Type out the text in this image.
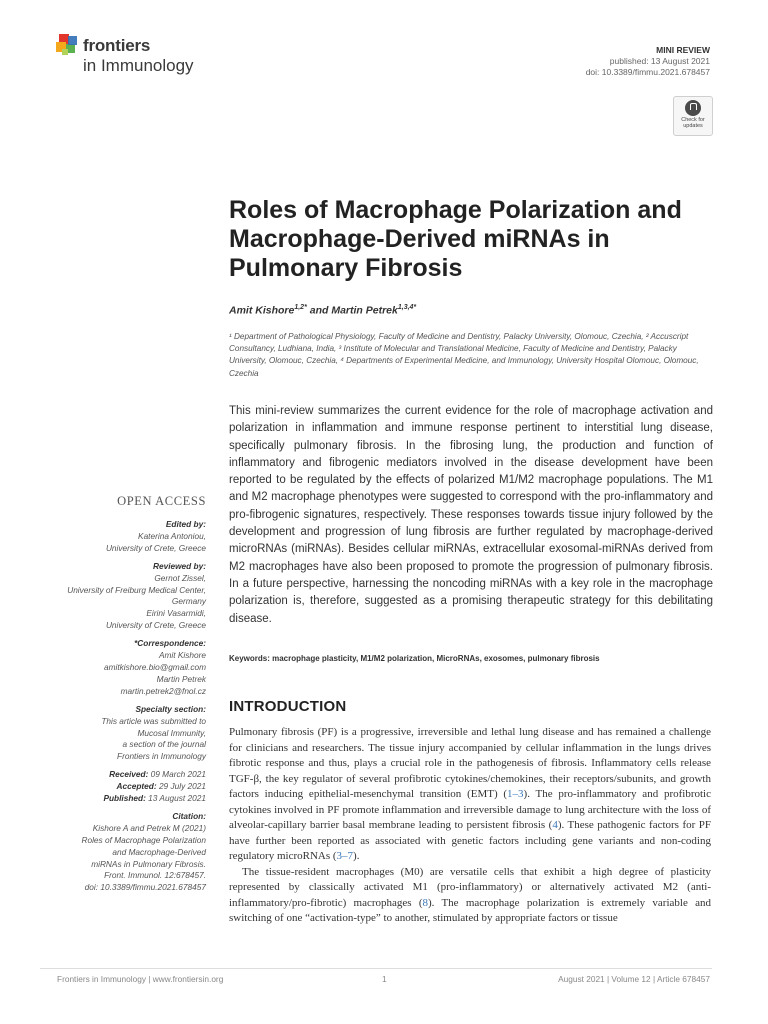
frontiers
in Immunology
MINI REVIEW
published: 13 August 2021
doi: 10.3389/fimmu.2021.678457
Check for
updates
Roles of Macrophage Polarization and Macrophage-Derived miRNAs in Pulmonary Fibrosis
Amit Kishore$^{1,2*}$ and Martin Petrek$^{1,3,4*}$
¹ Department of Pathological Physiology, Faculty of Medicine and Dentistry, Palacky University, Olomouc, Czechia, ² Accuscript Consultancy, Ludhiana, India, ³ Institute of Molecular and Translational Medicine, Faculty of Medicine and Dentistry, Palacky University, Olomouc, Czechia, ⁴ Departments of Experimental Medicine, and Immunology, University Hospital Olomouc, Olomouc, Czechia
This mini-review summarizes the current evidence for the role of macrophage activation and polarization in inflammation and immune response pertinent to interstitial lung disease, specifically pulmonary fibrosis. In the fibrosing lung, the production and function of inflammatory and fibrogenic mediators involved in the disease development have been reported to be regulated by the effects of polarized M1/M2 macrophage populations. The M1 and M2 macrophage phenotypes were suggested to correspond with the pro-inflammatory and pro-fibrogenic signatures, respectively. These responses towards tissue injury followed by the development and progression of lung fibrosis are further regulated by macrophage-derived microRNAs (miRNAs). Besides cellular miRNAs, extracellular exosomal-miRNAs derived from M2 macrophages have also been proposed to promote the progression of pulmonary fibrosis. In a future perspective, harnessing the noncoding miRNAs with a key role in the macrophage polarization is, therefore, suggested as a promising therapeutic strategy for this debilitating disease.
Keywords: macrophage plasticity, M1/M2 polarization, MicroRNAs, exosomes, pulmonary fibrosis
OPEN ACCESS
Edited by:
Katerina Antoniou,
University of Crete, Greece
Reviewed by:
Gernot Zissel,
University of Freiburg Medical Center,
Germany
Eirini Vasarmidi,
University of Crete, Greece
*Correspondence:
Amit Kishore
amitkishore.bio@gmail.com
Martin Petrek
martin.petrek2@fnol.cz
Specialty section:
This article was submitted to
Mucosal Immunity,
a section of the journal
Frontiers in Immunology
Received: 09 March 2021
Accepted: 29 July 2021
Published: 13 August 2021
Citation:
Kishore A and Petrek M (2021)
Roles of Macrophage Polarization
and Macrophage-Derived
miRNAs in Pulmonary Fibrosis.
Front. Immunol. 12:678457.
doi: 10.3389/fimmu.2021.678457
INTRODUCTION

Pulmonary fibrosis (PF) is a progressive, irreversible and lethal lung disease and has remained a challenge for clinicians and researchers. The tissue injury accompanied by cellular inflammation in the lungs drives fibrotic response and thus, plays a crucial role in the pathogenesis of fibrosis. Inflammatory cells release TGF-β, the key regulator of several profibrotic cytokines/chemokines, their receptors/subunits, and growth factors inducing epithelial-mesenchymal transition (EMT) (1–3). The pro-inflammatory and profibrotic cytokines involved in PF promote inflammation and irreversible damage to lung architecture with the loss of alveolar-capillary barrier basal membrane leading to persistent fibrosis (4). These pathogenic factors for PF have further been reported as associated with genetic factors including gene variants and non-coding regulatory microRNAs (3–7).

The tissue-resident macrophages (M0) are versatile cells that exhibit a high degree of plasticity represented by classically activated M1 (pro-inflammatory) or alternatively activated M2 (anti-inflammatory/pro-fibrotic) macrophages (8). The macrophage polarization is extremely variable and switching of one “activation-type” to another, stimulated by appropriate factors or tissue

Frontiers in Immunology | www.frontiersin.org	1	August 2021 | Volume 12 | Article 678457
